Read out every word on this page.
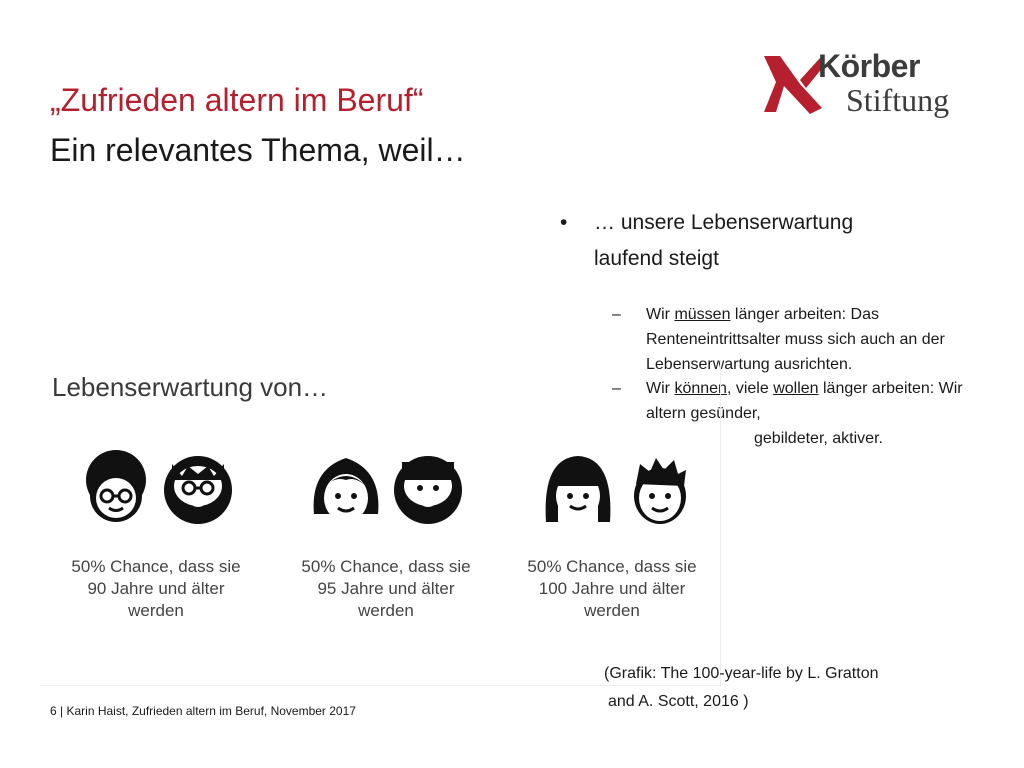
„Zufrieden altern im Beruf“
Ein relevantes Thema, weil…
Körber
Stiftung
• … unsere Lebenserwartung
laufend steigt
– Wir müssen länger arbeiten: Das Renteneintrittsalter muss sich auch an der Lebenserwartung ausrichten.
– Wir können, viele wollen länger arbeiten: Wir altern gesünder,
gebildeter, aktiver.
Lebenserwartung von…
50% Chance, dass sie
90 Jahre und älter
werden
50% Chance, dass sie
95 Jahre und älter
werden
50% Chance, dass sie
100 Jahre und älter
werden
(Grafik: The 100-year-life by L. Gratton
and A. Scott, 2016 )
6 | Karin Haist, Zufrieden altern im Beruf, November 2017
